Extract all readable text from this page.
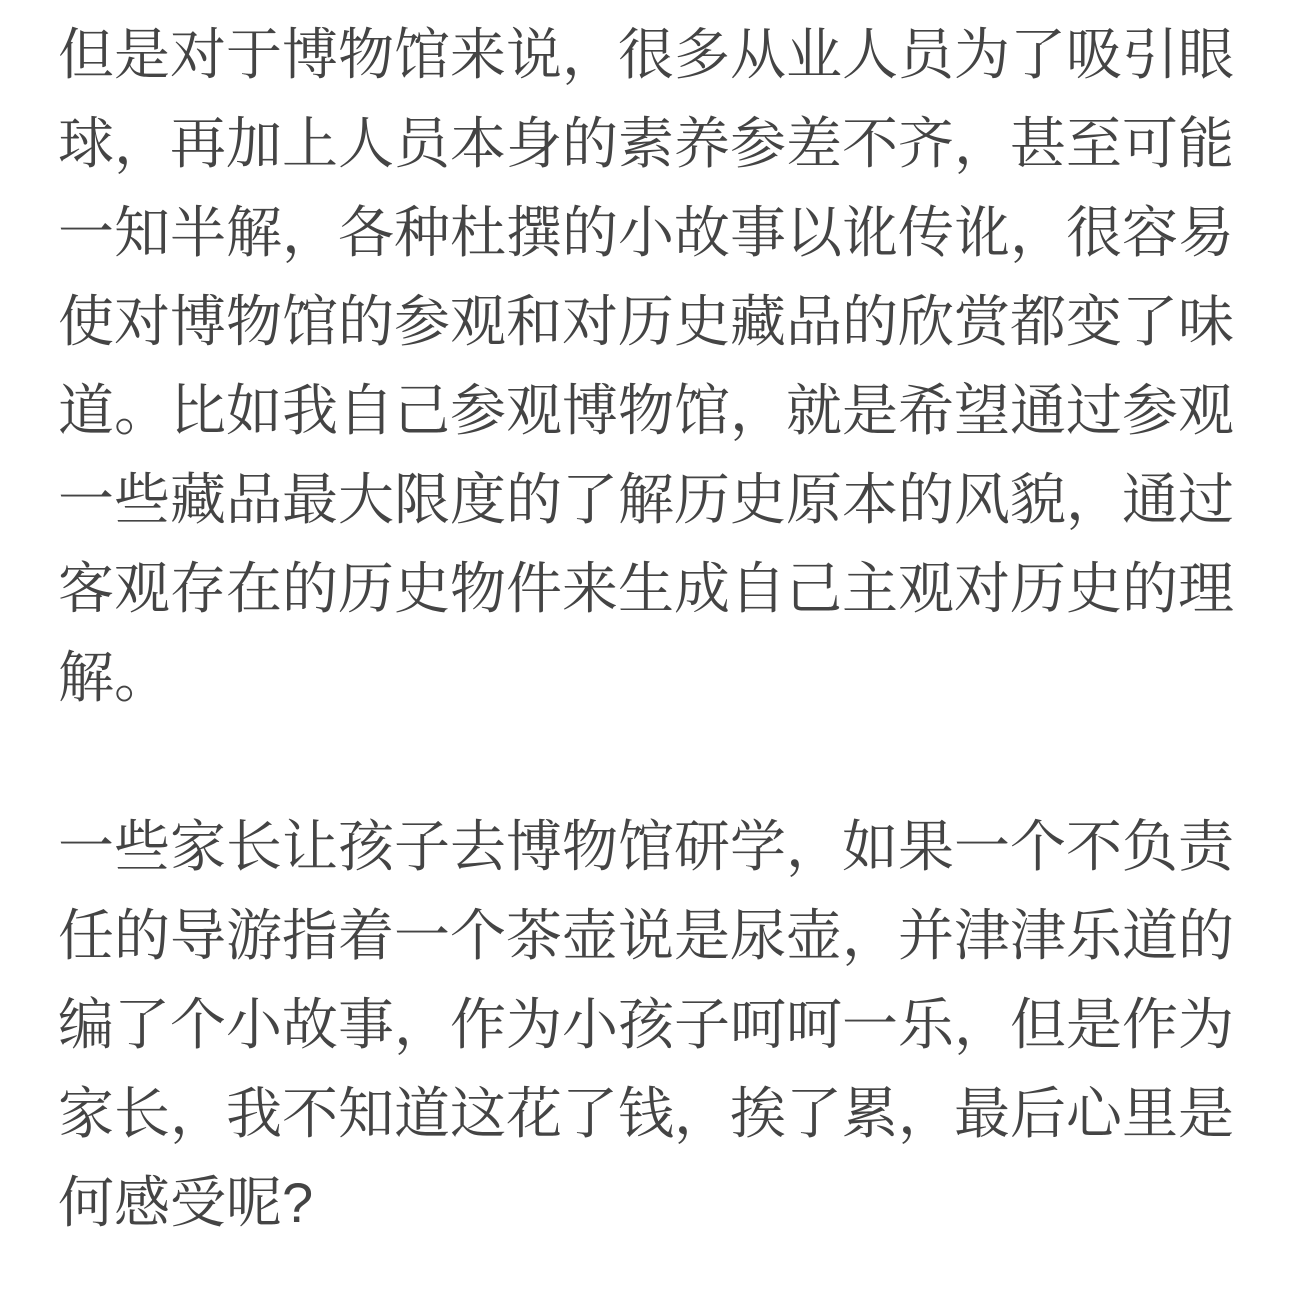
但是对于博物馆来说，很多从业人员为了吸引眼球，再加上人员本身的素养参差不齐，甚至可能一知半解，各种杜撰的小故事以讹传讹，很容易使对博物馆的参观和对历史藏品的欣赏都变了味道。比如我自己参观博物馆，就是希望通过参观一些藏品最大限度的了解历史原本的风貌，通过客观存在的历史物件来生成自己主观对历史的理解。

一些家长让孩子去博物馆研学，如果一个不负责任的导游指着一个茶壶说是尿壶，并津津乐道的编了个小故事，作为小孩子呵呵一乐，但是作为家长，我不知道这花了钱，挨了累，最后心里是何感受呢?
